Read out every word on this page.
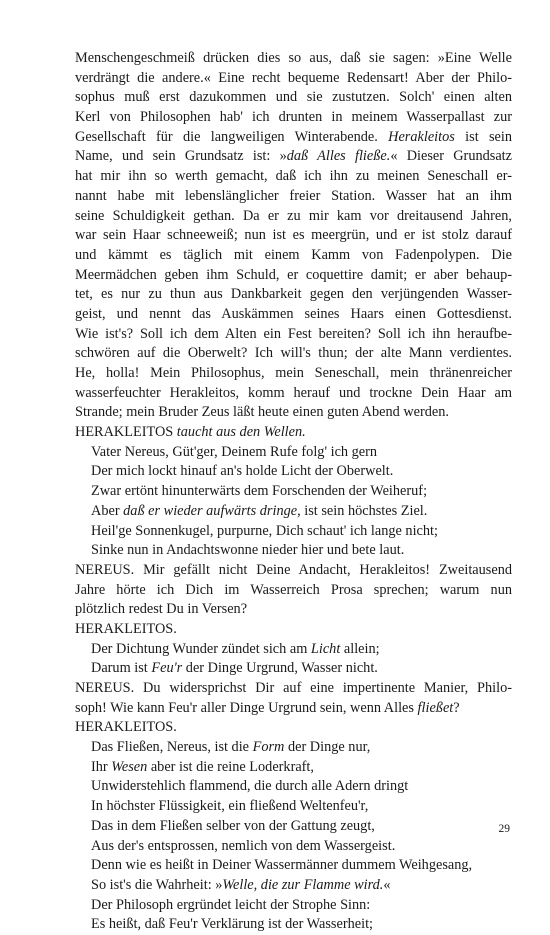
Menschengeschmeiß drücken dies so aus, daß sie sagen: »Eine Welle
verdrängt die andere.« Eine recht bequeme Redensart! Aber der Philo-
sophus muß erst dazukommen und sie zustutzen. Solch' einen alten
Kerl von Philosophen hab' ich drunten in meinem Wasserpallast zur
Gesellschaft für die langweiligen Winterabende. Herakleitos ist sein
Name, und sein Grundsatz ist: »daß Alles fließe.« Dieser Grundsatz
hat mir ihn so werth gemacht, daß ich ihn zu meinen Seneschall er-
nannt habe mit lebenslänglicher freier Station. Wasser hat an ihm
seine Schuldigkeit gethan. Da er zu mir kam vor dreitausend Jahren,
war sein Haar schneeweiß; nun ist es meergrün, und er ist stolz darauf
und kämmt es täglich mit einem Kamm von Fadenpolypen. Die
Meermädchen geben ihm Schuld, er coquettire damit; er aber behaup-
tet, es nur zu thun aus Dankbarkeit gegen den verjüngenden Wasser-
geist, und nennt das Auskämmen seines Haars einen Gottesdienst.
Wie ist's? Soll ich dem Alten ein Fest bereiten? Soll ich ihn heraufbe-
schwören auf die Oberwelt? Ich will's thun; der alte Mann verdientes.
He, holla! Mein Philosophus, mein Seneschall, mein thränenreicher
wasserfeuchter Herakleitos, komm herauf und trockne Dein Haar am
Strande; mein Bruder Zeus läßt heute einen guten Abend werden.
HERAKLEITOS taucht aus den Wellen.
Vater Nereus, Güt'ger, Deinem Rufe folg' ich gern
Der mich lockt hinauf an's holde Licht der Oberwelt.
Zwar ertönt hinunterwärts dem Forschenden der Weiheruf;
Aber daß er wieder aufwärts dringe, ist sein höchstes Ziel.
Heil'ge Sonnenkugel, purpurne, Dich schaut' ich lange nicht;
Sinke nun in Andachtswonne nieder hier und bete laut.
NEREUS. Mir gefällt nicht Deine Andacht, Herakleitos! Zweitausend
Jahre hörte ich Dich im Wasserreich Prosa sprechen; warum nun
plötzlich redest Du in Versen?
HERAKLEITOS.
Der Dichtung Wunder zündet sich am Licht allein;
Darum ist Feu'r der Dinge Urgrund, Wasser nicht.
NEREUS. Du widersprichst Dir auf eine impertinente Manier, Philo-
soph! Wie kann Feu'r aller Dinge Urgrund sein, wenn Alles fließet?
HERAKLEITOS.
Das Fließen, Nereus, ist die Form der Dinge nur,
Ihr Wesen aber ist die reine Loderkraft,
Unwiderstehlich flammend, die durch alle Adern dringt
In höchster Flüssigkeit, ein fließend Weltenfeu'r,
Das in dem Fließen selber von der Gattung zeugt,
Aus der's entsprossen, nemlich von dem Wassergeist.
Denn wie es heißt in Deiner Wassermänner dummem Weihgesang,
So ist's die Wahrheit: »Welle, die zur Flamme wird.«
Der Philosoph ergründet leicht der Strophe Sinn:
Es heißt, daß Feu'r Verklärung ist der Wasserheit;
29
